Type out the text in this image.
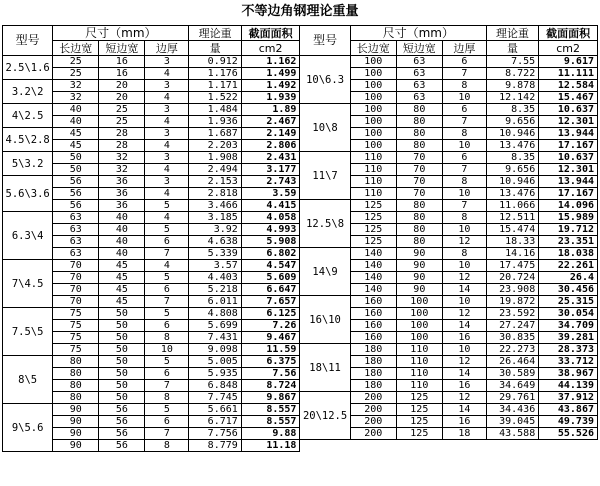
不等边角钢理论重量
型号	尺寸（mm）			理论重	截面面积	型号	尺寸（mm）			理论重	截面面积
	长边宽	短边宽	边厚	量	cm2		长边宽	短边宽	边厚	量	cm2
2.5\1.6	25	16	3	0.912	1.162	10\6.3	100	63	6	7.55	9.617
	25	16	4	1.176	1.499		100	63	7	8.722	11.111
3.2\2	32	20	3	1.171	1.492		100	63	8	9.878	12.584
	32	20	4	1.522	1.939		100	63	10	12.142	15.467
4\2.5	40	25	3	1.484	1.89	10\8	100	80	6	8.35	10.637
	40	25	4	1.936	2.467		100	80	7	9.656	12.301
4.5\2.8	45	28	3	1.687	2.149		100	80	8	10.946	13.944
	45	28	4	2.203	2.806		100	80	10	13.476	17.167
5\3.2	50	32	3	1.908	2.431	11\7	110	70	6	8.35	10.637
	50	32	4	2.494	3.177		110	70	7	9.656	12.301
5.6\3.6	56	36	3	2.153	2.743		110	70	8	10.946	13.944
	56	36	4	2.818	3.59		110	70	10	13.476	17.167
	56	36	5	3.466	4.415	12.5\8	125	80	7	11.066	14.096
6.3\4	63	40	4	3.185	4.058		125	80	8	12.511	15.989
	63	40	5	3.92	4.993		125	80	10	15.474	19.712
	63	40	6	4.638	5.908		125	80	12	18.33	23.351
	63	40	7	5.339	6.802	14\9	140	90	8	14.16	18.038
7\4.5	70	45	4	3.57	4.547		140	90	10	17.475	22.261
	70	45	5	4.403	5.609		140	90	12	20.724	26.4
	70	45	6	5.218	6.647		140	90	14	23.908	30.456
	70	45	7	6.011	7.657	16\10	160	100	10	19.872	25.315
7.5\5	75	50	5	4.808	6.125		160	100	12	23.592	30.054
	75	50	6	5.699	7.26		160	100	14	27.247	34.709
	75	50	8	7.431	9.467		160	100	16	30.835	39.281
	75	50	10	9.098	11.59	18\11	180	110	10	22.273	28.373
8\5	80	50	5	5.005	6.375		180	110	12	26.464	33.712
	80	50	6	5.935	7.56		180	110	14	30.589	38.967
	80	50	7	6.848	8.724		180	110	16	34.649	44.139
	80	50	8	7.745	9.867	20\12.5	200	125	12	29.761	37.912
9\5.6	90	56	5	5.661	8.557		200	125	14	34.436	43.867
	90	56	6	6.717	8.557		200	125	16	39.045	49.739
	90	56	7	7.756	9.88		200	125	18	43.588	55.526
	90	56	8	8.779	11.18						
